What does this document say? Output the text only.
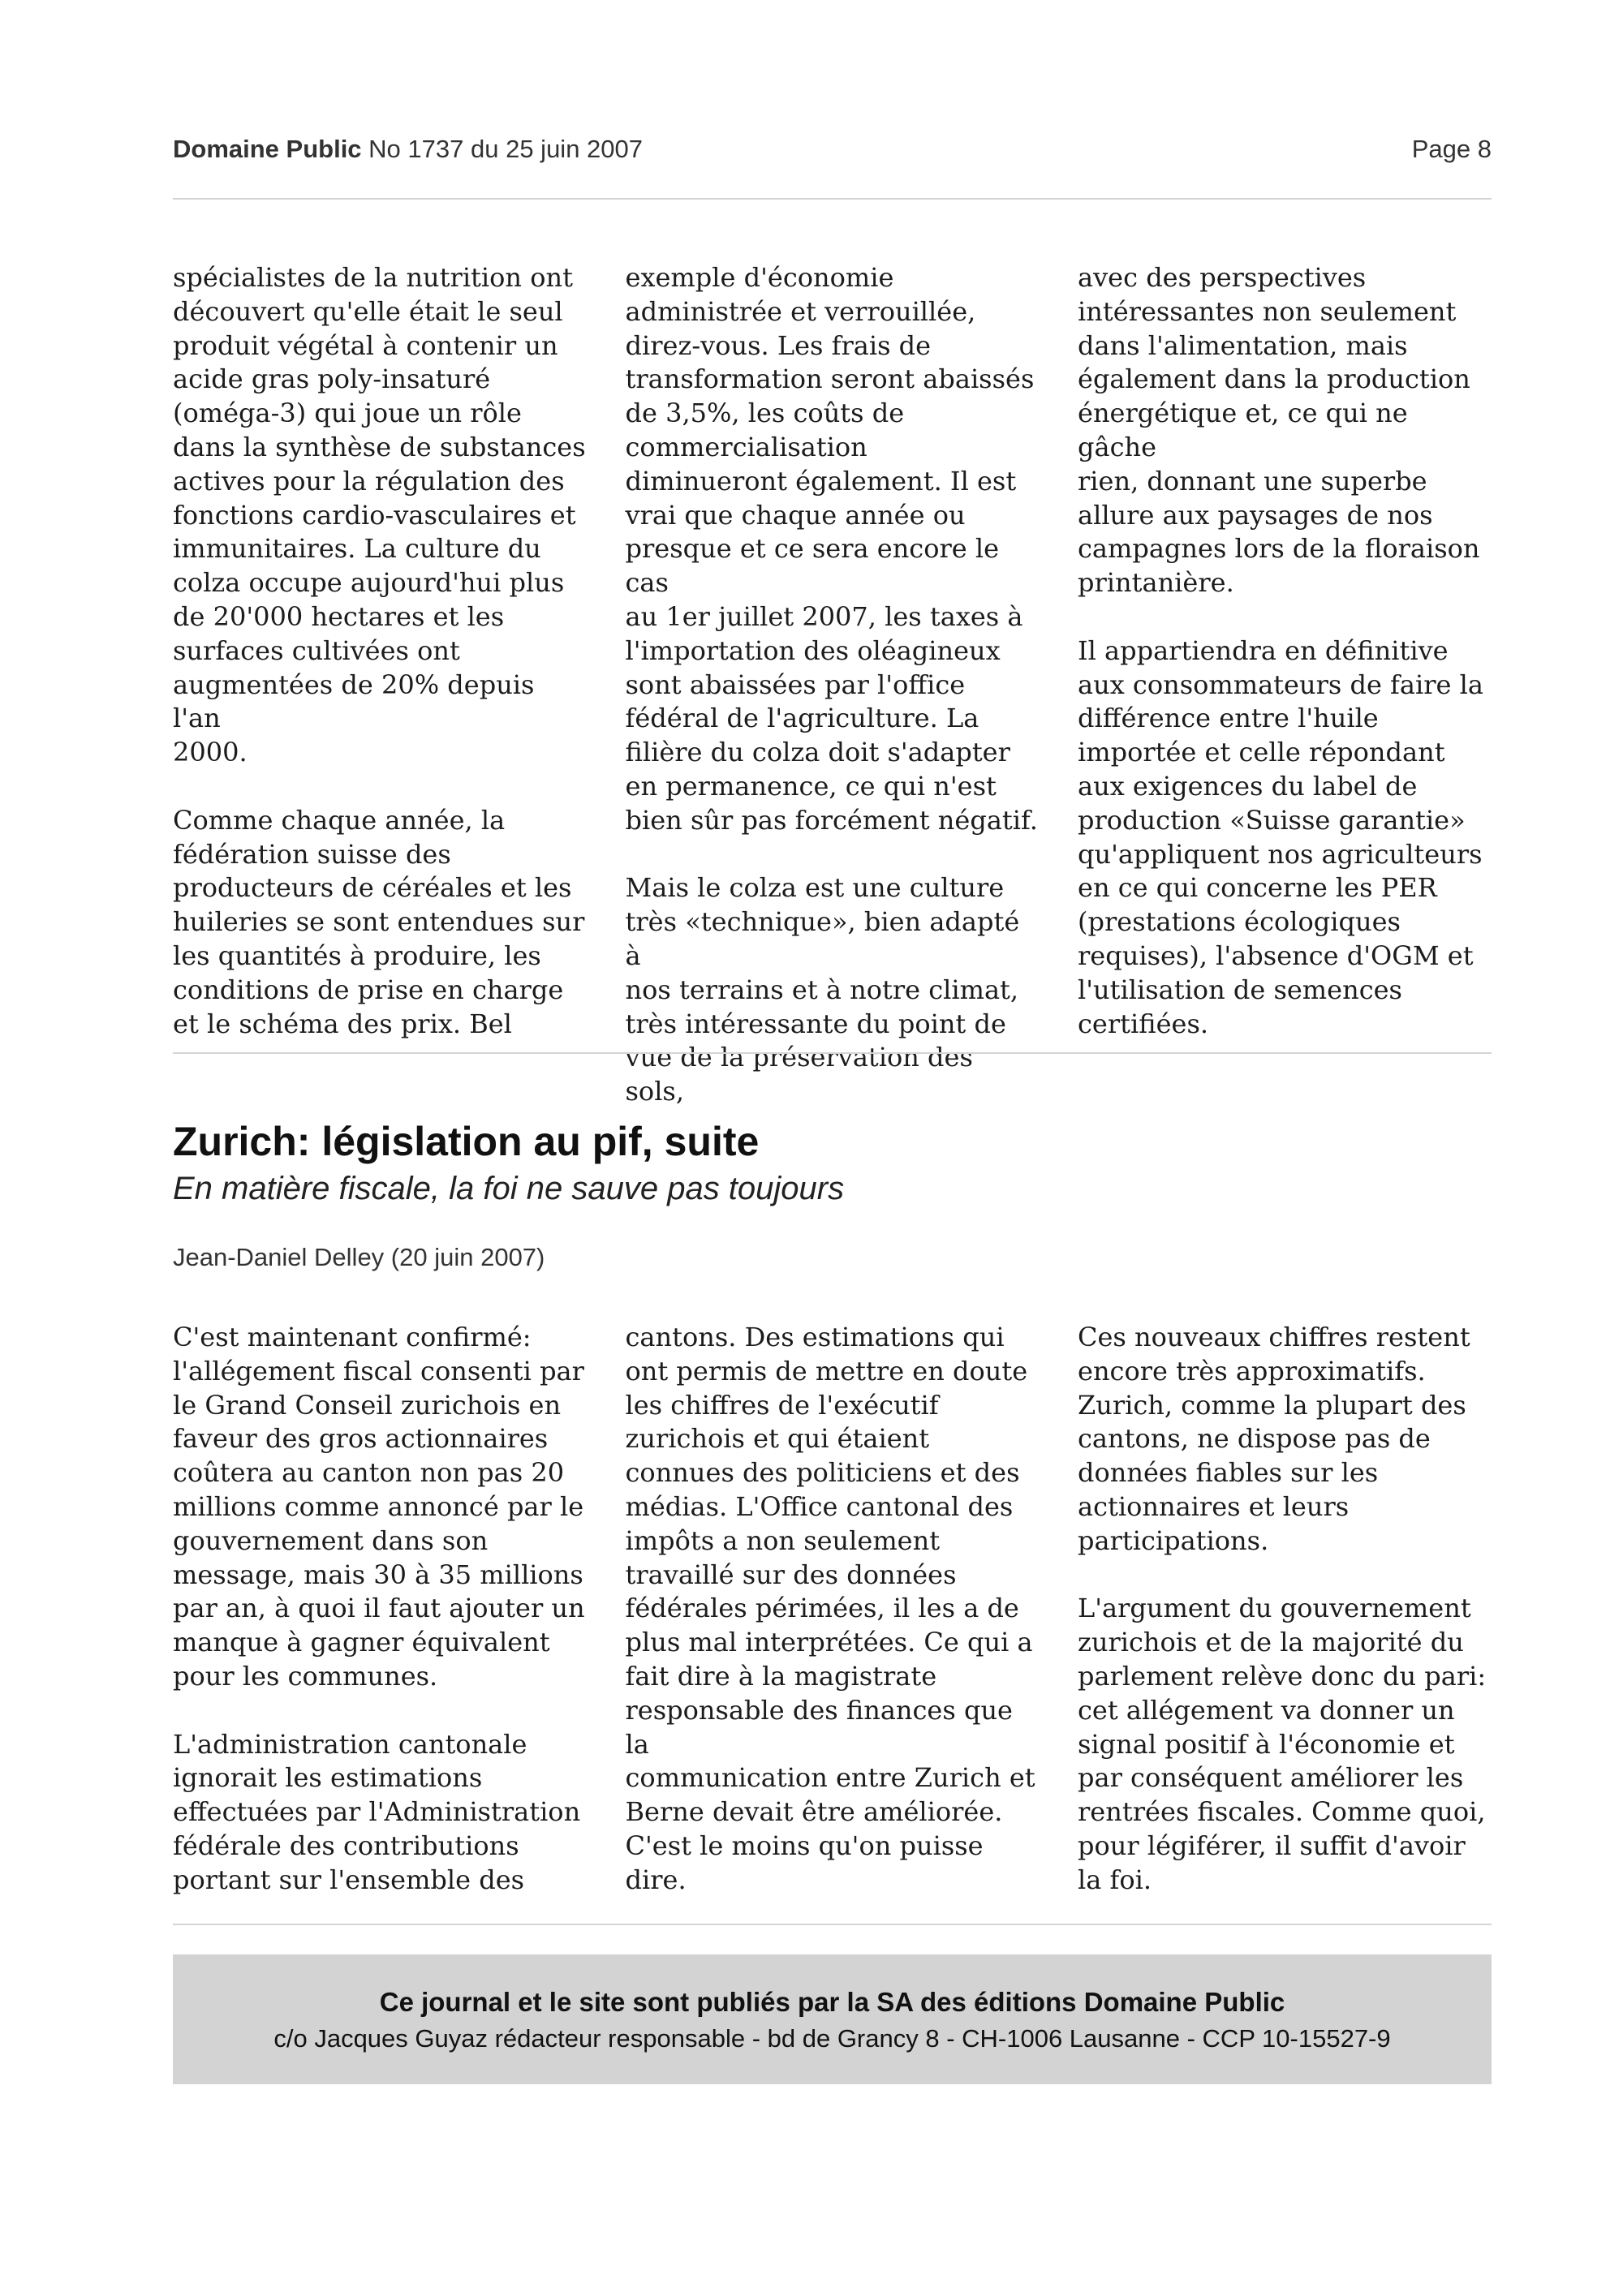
Domaine Public No 1737 du 25 juin 2007	Page 8

spécialistes de la nutrition ont
découvert qu'elle était le seul
produit végétal à contenir un
acide gras poly-insaturé
(oméga-3) qui joue un rôle
dans la synthèse de substances
actives pour la régulation des
fonctions cardio-vasculaires et
immunitaires. La culture du
colza occupe aujourd'hui plus
de 20'000 hectares et les
surfaces cultivées ont
augmentées de 20% depuis l'an
2000.

Comme chaque année, la
fédération suisse des
producteurs de céréales et les
huileries se sont entendues sur
les quantités à produire, les
conditions de prise en charge
et le schéma des prix. Bel

exemple d'économie
administrée et verrouillée,
direz-vous. Les frais de
transformation seront abaissés
de 3,5%, les coûts de
commercialisation
diminueront également. Il est
vrai que chaque année ou
presque et ce sera encore le cas
au 1er juillet 2007, les taxes à
l'importation des oléagineux
sont abaissées par l'office
fédéral de l'agriculture. La
filière du colza doit s'adapter
en permanence, ce qui n'est
bien sûr pas forcément négatif.

Mais le colza est une culture
très «technique», bien adapté à
nos terrains et à notre climat,
très intéressante du point de
vue de la préservation des sols,

avec des perspectives
intéressantes non seulement
dans l'alimentation, mais
également dans la production
énergétique et, ce qui ne gâche
rien, donnant une superbe
allure aux paysages de nos
campagnes lors de la floraison
printanière.

Il appartiendra en définitive
aux consommateurs de faire la
différence entre l'huile
importée et celle répondant
aux exigences du label de
production «Suisse garantie»
qu'appliquent nos agriculteurs
en ce qui concerne les PER
(prestations écologiques
requises), l'absence d'OGM et
l'utilisation de semences
certifiées.

Zurich: législation au pif, suite
En matière fiscale, la foi ne sauve pas toujours
Jean-Daniel Delley (20 juin 2007)

C'est maintenant confirmé:
l'allégement fiscal consenti par
le Grand Conseil zurichois en
faveur des gros actionnaires
coûtera au canton non pas 20
millions comme annoncé par le
gouvernement dans son
message, mais 30 à 35 millions
par an, à quoi il faut ajouter un
manque à gagner équivalent
pour les communes.

L'administration cantonale
ignorait les estimations
effectuées par l'Administration
fédérale des contributions
portant sur l'ensemble des

cantons. Des estimations qui
ont permis de mettre en doute
les chiffres de l'exécutif
zurichois et qui étaient
connues des politiciens et des
médias. L'Office cantonal des
impôts a non seulement
travaillé sur des données
fédérales périmées, il les a de
plus mal interprétées. Ce qui a
fait dire à la magistrate
responsable des finances que la
communication entre Zurich et
Berne devait être améliorée.
C'est le moins qu'on puisse
dire.

Ces nouveaux chiffres restent
encore très approximatifs.
Zurich, comme la plupart des
cantons, ne dispose pas de
données fiables sur les
actionnaires et leurs
participations.

L'argument du gouvernement
zurichois et de la majorité du
parlement relève donc du pari:
cet allégement va donner un
signal positif à l'économie et
par conséquent améliorer les
rentrées fiscales. Comme quoi,
pour légiférer, il suffit d'avoir
la foi.

Ce journal et le site sont publiés par la SA des éditions Domaine Public
c/o Jacques Guyaz rédacteur responsable - bd de Grancy 8 - CH-1006 Lausanne - CCP 10-15527-9
